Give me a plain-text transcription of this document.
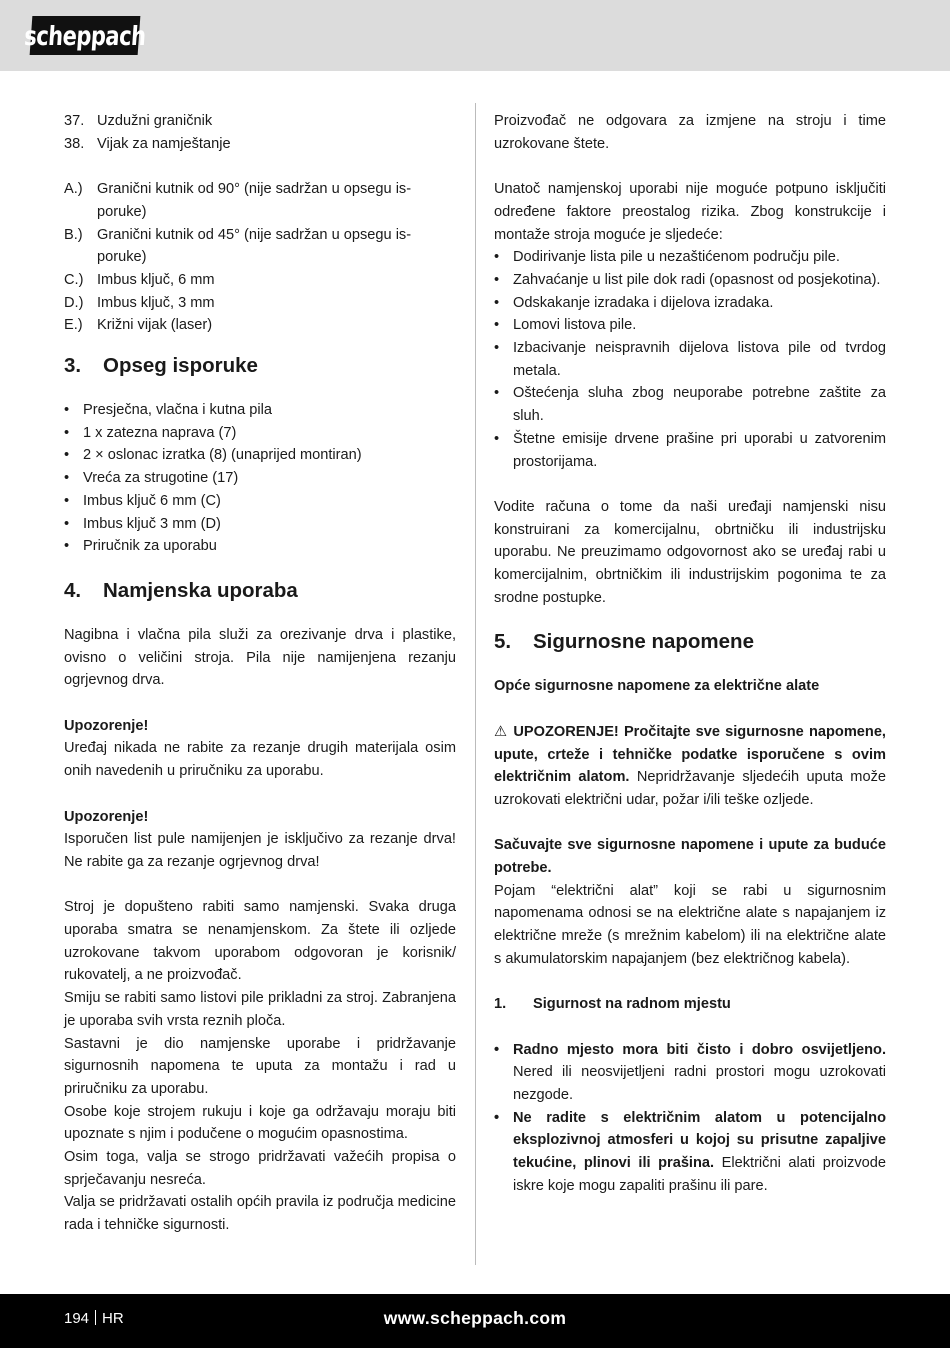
scheppach
37. Uzdužni graničnik
38. Vijak za namještanje
A.) Granični kutnik od 90° (nije sadržan u opsegu is-poruke)
B.) Granični kutnik od 45° (nije sadržan u opsegu is-poruke)
C.) Imbus ključ, 6 mm
D.) Imbus ključ, 3 mm
E.) Križni vijak (laser)
3.	Opseg isporuke
• Presječna, vlačna i kutna pila
• 1 x zatezna naprava (7)
• 2 × oslonac izratka (8) (unaprijed montiran)
• Vreća za strugotine (17)
• Imbus ključ 6 mm (C)
• Imbus ključ 3 mm (D)
• Priručnik za uporabu
4.	Namjenska uporaba

Nagibna i vlačna pila služi za orezivanje drva i plastike, ovisno o veličini stroja. Pila nije namijenjena rezanju ogrjevnog drva.

Upozorenje!

Uređaj nikada ne rabite za rezanje drugih materijala osim onih navedenih u priručniku za uporabu.

Upozorenje!

Isporučen list pule namijenjen je isključivo za rezanje drva! Ne rabite ga za rezanje ogrjevnog drva!

Stroj je dopušteno rabiti samo namjenski. Svaka druga uporaba smatra se nenamjenskom. Za štete ili ozljede uzrokovane takvom uporabom odgovoran je korisnik/ rukovatelj, a ne proizvođač.

Smiju se rabiti samo listovi pile prikladni za stroj. Zabranjena je uporaba svih vrsta reznih ploča.

Sastavni je dio namjenske uporabe i pridržavanje sigurnosnih napomena te uputa za montažu i rad u priručniku za uporabu.

Osobe koje strojem rukuju i koje ga održavaju moraju biti upoznate s njim i podučene o mogućim opasnostima.

Osim toga, valja se strogo pridržavati važećih propisa o sprječavanju nesreća.

Valja se pridržavati ostalih općih pravila iz područja medicine rada i tehničke sigurnosti.

Proizvođač ne odgovara za izmjene na stroju i time uzrokovane štete.

Unatoč namjenskoj uporabi nije moguće potpuno isključiti određene faktore preostalog rizika. Zbog konstrukcije i montaže stroja moguće je sljedeće:

• Dodirivanje lista pile u nezaštićenom području pile.
• Zahvaćanje u list pile dok radi (opasnost od posjekotina).
• Odskakanje izradaka i dijelova izradaka.
• Lomovi listova pile.
• Izbacivanje neispravnih dijelova listova pile od tvrdog metala.
• Oštećenja sluha zbog neuporabe potrebne zaštite za sluh.
• Štetne emisije drvene prašine pri uporabi u zatvorenim prostorijama.

Vodite računa o tome da naši uređaji namjenski nisu konstruirani za komercijalnu, obrtničku ili industrijsku uporabu. Ne preuzimamo odgovornost ako se uređaj rabi u komercijalnim, obrtničkim ili industrijskim pogonima te za srodne postupke.

5.	Sigurnosne napomene

Opće sigurnosne napomene za električne alate

⚠ UPOZORENJE! Pročitajte sve sigurnosne napomene, upute, crteže i tehničke podatke isporučene s ovim električnim alatom. Nepridržavanje sljedećih uputa može uzrokovati električni udar, požar i/ili teške ozljede.

Sačuvajte sve sigurnosne napomene i upute za buduće potrebe.

Pojam “električni alat” koji se rabi u sigurnosnim napomenama odnosi se na električne alate s napajanjem iz električne mreže (s mrežnim kabelom) ili na električne alate s akumulatorskim napajanjem (bez električnog kabela).

1.	Sigurnost na radnom mjestu
• Radno mjesto mora biti čisto i dobro osvijetljeno. Nered ili neosvijetljeni radni prostori mogu uzrokovati nezgode.
• Ne radite s električnim alatom u potencijalno eksplozivnoj atmosferi u kojoj su prisutne zapaljive tekućine, plinovi ili prašina. Električni alati proizvode iskre koje mogu zapaliti prašinu ili pare.
194 HR	www.scheppach.com
